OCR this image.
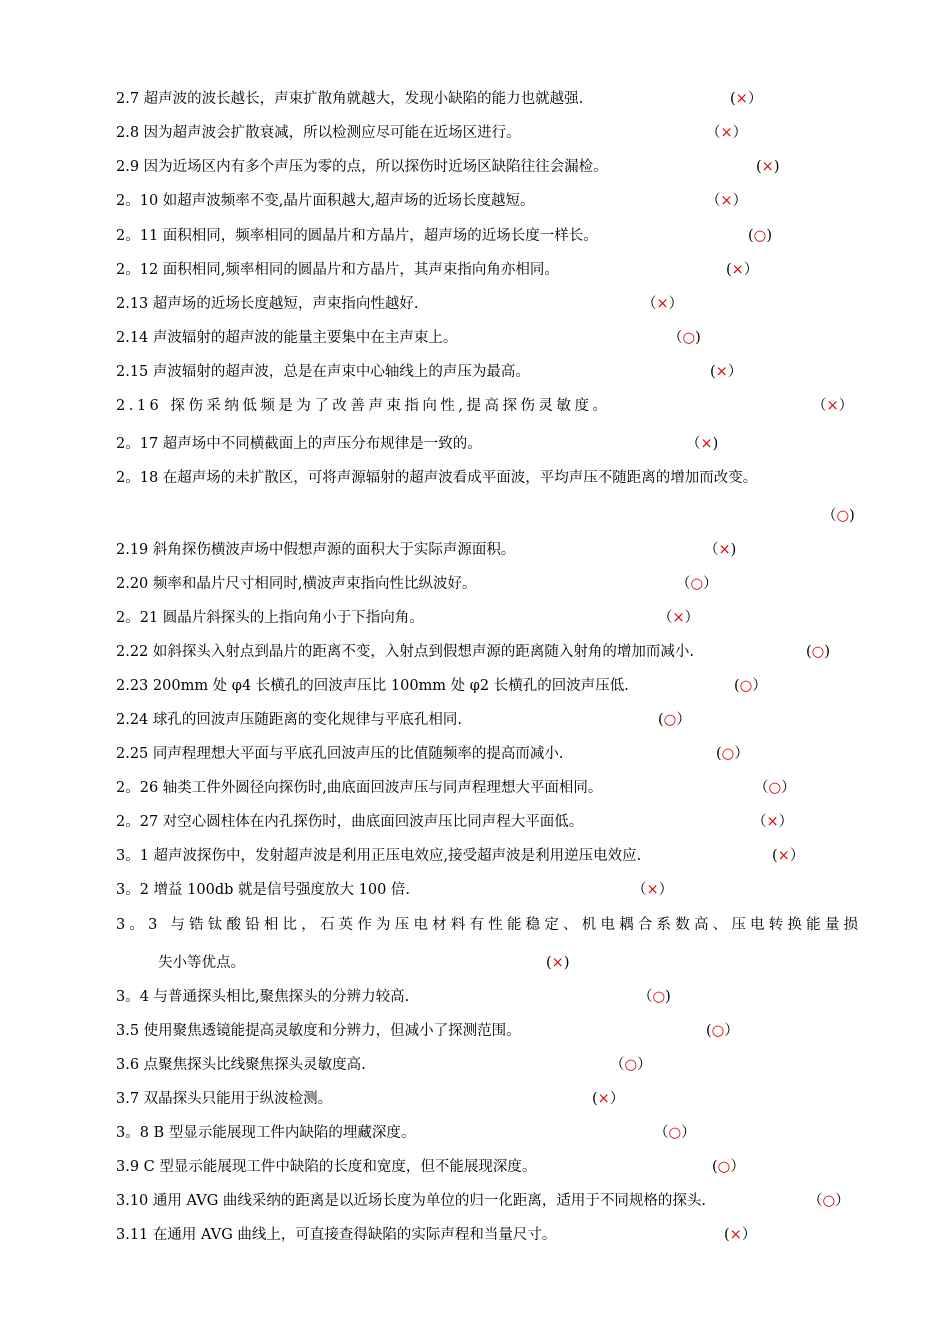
2.7 超声波的波长越长，声束扩散角就越大，发现小缺陷的能力也就越强.	(×）
2.8 因为超声波会扩散衰减，所以检测应尽可能在近场区进行。	（×）
2.9 因为近场区内有多个声压为零的点，所以探伤时近场区缺陷往往会漏检。	(×)
2。10 如超声波频率不变,晶片面积越大,超声场的近场长度越短。	（×）
2。11 面积相同，频率相同的圆晶片和方晶片，超声场的近场长度一样长。	(○)
2。12 面积相同,频率相同的圆晶片和方晶片，其声束指向角亦相同。	(×）
2.13 超声场的近场长度越短，声束指向性越好.	（×）
2.14 声波辐射的超声波的能量主要集中在主声束上。	（○)
2.15 声波辐射的超声波，总是在声束中心轴线上的声压为最高。	(×）
2.16 探伤采纳低频是为了改善声束指向性,提高探伤灵敏度。	（×）
2。17 超声场中不同横截面上的声压分布规律是一致的。	（×)
2。18 在超声场的未扩散区，可将声源辐射的超声波看成平面波，平均声压不随距离的增加而改变。
（○)
2.19 斜角探伤横波声场中假想声源的面积大于实际声源面积。	（×)
2.20 频率和晶片尺寸相同时,横波声束指向性比纵波好。	（○）
2。21 圆晶片斜探头的上指向角小于下指向角。	（×）
2.22 如斜探头入射点到晶片的距离不变，入射点到假想声源的距离随入射角的增加而减小.	(○)
2.23 200mm 处 φ4 长横孔的回波声压比 100mm 处 φ2 长横孔的回波声压低.	(○）
2.24 球孔的回波声压随距离的变化规律与平底孔相同.	(○）
2.25 同声程理想大平面与平底孔回波声压的比值随频率的提高而减小.	(○）
2。26 轴类工件外圆径向探伤时,曲底面回波声压与同声程理想大平面相同。	（○）
2。27 对空心圆柱体在内孔探伤时，曲底面回波声压比同声程大平面低。	（×）
3。1 超声波探伤中，发射超声波是利用正压电效应,接受超声波是利用逆压电效应.	(×）
3。2 增益 100db 就是信号强度放大 100 倍.	（×）
3。3 与锆钛酸铅相比，石英作为压电材料有性能稳定、机电耦合系数高、压电转换能量损
失小等优点。	(×)
3。4 与普通探头相比,聚焦探头的分辨力较高.	（○)
3.5 使用聚焦透镜能提高灵敏度和分辨力，但减小了探测范围。	(○）
3.6 点聚焦探头比线聚焦探头灵敏度高.	（○）
3.7 双晶探头只能用于纵波检测。	(×）
3。8 B 型显示能展现工件内缺陷的埋藏深度。	（○）
3.9 C 型显示能展现工件中缺陷的长度和宽度，但不能展现深度。	(○）
3.10 通用 AVG 曲线采纳的距离是以近场长度为单位的归一化距离，适用于不同规格的探头.	（○）
3.11 在通用 AVG 曲线上，可直接查得缺陷的实际声程和当量尺寸。	(×）
